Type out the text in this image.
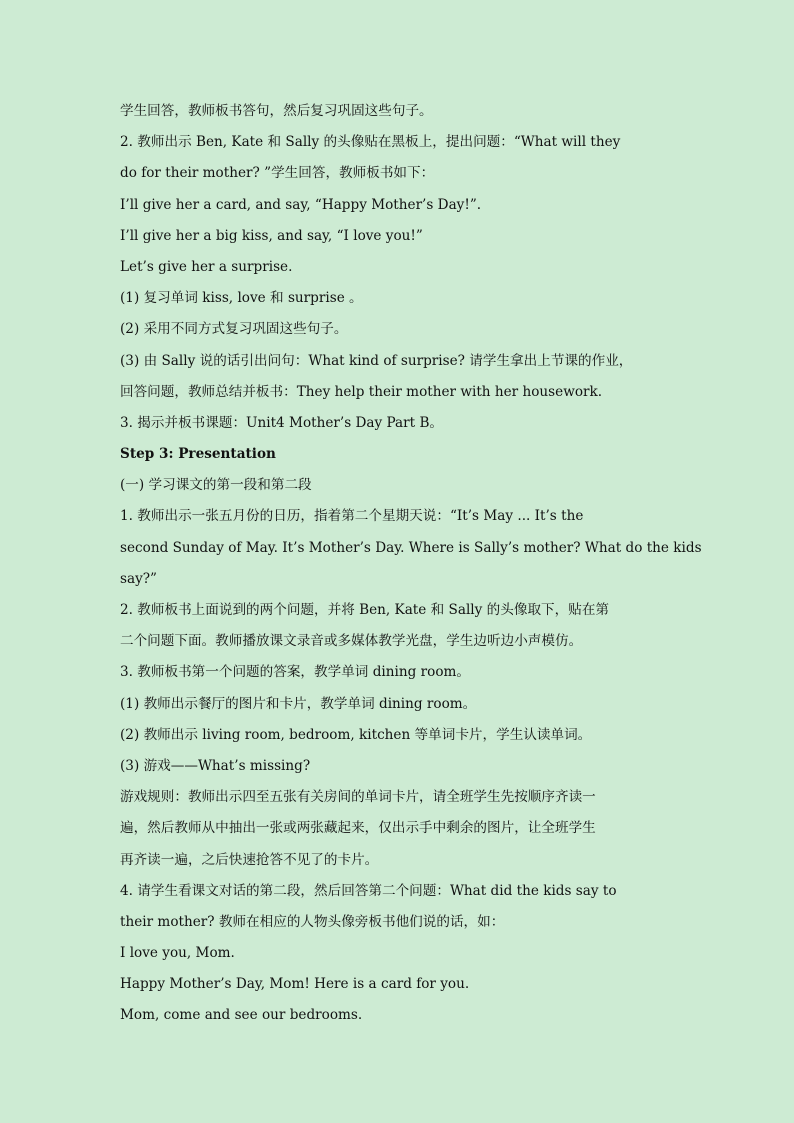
学生回答，教师板书答句，然后复习巩固这些句子。
2. 教师出示 Ben, Kate 和 Sally 的头像贴在黑板上，提出问题：“What will they
do for their mother? ”学生回答，教师板书如下：
I’ll give her a card, and say, “Happy Mother’s Day!”.
I’ll give her a big kiss, and say, “I love you!”
Let’s give her a surprise.
(1) 复习单词 kiss, love 和 surprise 。
(2) 采用不同方式复习巩固这些句子。
(3) 由 Sally 说的话引出问句：What kind of surprise? 请学生拿出上节课的作业，
回答问题，教师总结并板书：They help their mother with her housework.
3. 揭示并板书课题：Unit4 Mother’s Day Part B。
Step 3: Presentation
(一) 学习课文的第一段和第二段
1. 教师出示一张五月份的日历，指着第二个星期天说：“It’s May ... It’s the
second Sunday of May. It’s Mother’s Day. Where is Sally’s mother? What do the kids
say?”
2. 教师板书上面说到的两个问题，并将 Ben, Kate 和 Sally 的头像取下，贴在第
二个问题下面。教师播放课文录音或多媒体教学光盘，学生边听边小声模仿。
3. 教师板书第一个问题的答案，教学单词 dining room。
(1) 教师出示餐厅的图片和卡片，教学单词 dining room。
(2) 教师出示 living room, bedroom, kitchen 等单词卡片，学生认读单词。
(3) 游戏——What’s missing?
游戏规则：教师出示四至五张有关房间的单词卡片，请全班学生先按顺序齐读一
遍，然后教师从中抽出一张或两张藏起来，仅出示手中剩余的图片，让全班学生
再齐读一遍，之后快速抢答不见了的卡片。
4. 请学生看课文对话的第二段，然后回答第二个问题：What did the kids say to
their mother? 教师在相应的人物头像旁板书他们说的话，如：
I love you, Mom.
Happy Mother’s Day, Mom! Here is a card for you.
Mom, come and see our bedrooms.
